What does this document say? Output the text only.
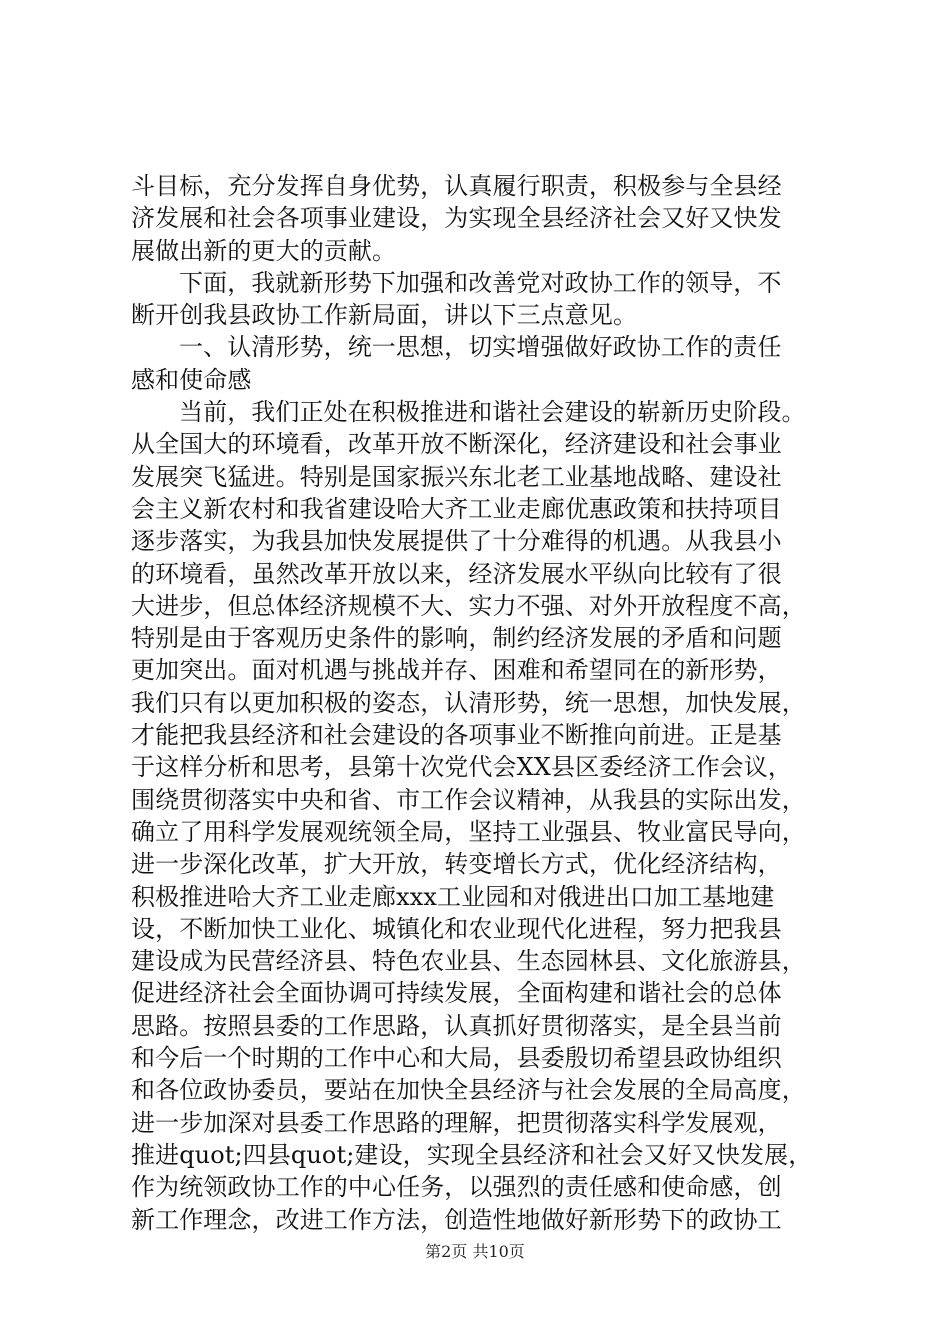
斗目标，充分发挥自身优势，认真履行职责，积极参与全县经
济发展和社会各项事业建设，为实现全县经济社会又好又快发
展做出新的更大的贡献。
下面，我就新形势下加强和改善党对政协工作的领导，不
断开创我县政协工作新局面，讲以下三点意见。
一、认清形势，统一思想，切实增强做好政协工作的责任
感和使命感
当前，我们正处在积极推进和谐社会建设的崭新历史阶段。
从全国大的环境看，改革开放不断深化，经济建设和社会事业
发展突飞猛进。特别是国家振兴东北老工业基地战略、建设社
会主义新农村和我省建设哈大齐工业走廊优惠政策和扶持项目
逐步落实，为我县加快发展提供了十分难得的机遇。从我县小
的环境看，虽然改革开放以来，经济发展水平纵向比较有了很
大进步，但总体经济规模不大、实力不强、对外开放程度不高，
特别是由于客观历史条件的影响，制约经济发展的矛盾和问题
更加突出。面对机遇与挑战并存、困难和希望同在的新形势，
我们只有以更加积极的姿态，认清形势，统一思想，加快发展，
才能把我县经济和社会建设的各项事业不断推向前进。正是基
于这样分析和思考，县第十次党代会XX县区委经济工作会议，
围绕贯彻落实中央和省、市工作会议精神，从我县的实际出发，
确立了用科学发展观统领全局，坚持工业强县、牧业富民导向，
进一步深化改革，扩大开放，转变增长方式，优化经济结构，
积极推进哈大齐工业走廊xxx工业园和对俄进出口加工基地建
设，不断加快工业化、城镇化和农业现代化进程，努力把我县
建设成为民营经济县、特色农业县、生态园林县、文化旅游县，
促进经济社会全面协调可持续发展，全面构建和谐社会的总体
思路。按照县委的工作思路，认真抓好贯彻落实，是全县当前
和今后一个时期的工作中心和大局，县委殷切希望县政协组织
和各位政协委员，要站在加快全县经济与社会发展的全局高度，
进一步加深对县委工作思路的理解，把贯彻落实科学发展观，
推进quot;四县quot;建设，实现全县经济和社会又好又快发展，
作为统领政协工作的中心任务，以强烈的责任感和使命感，创
新工作理念，改进工作方法，创造性地做好新形势下的政协工
第2页 共10页
